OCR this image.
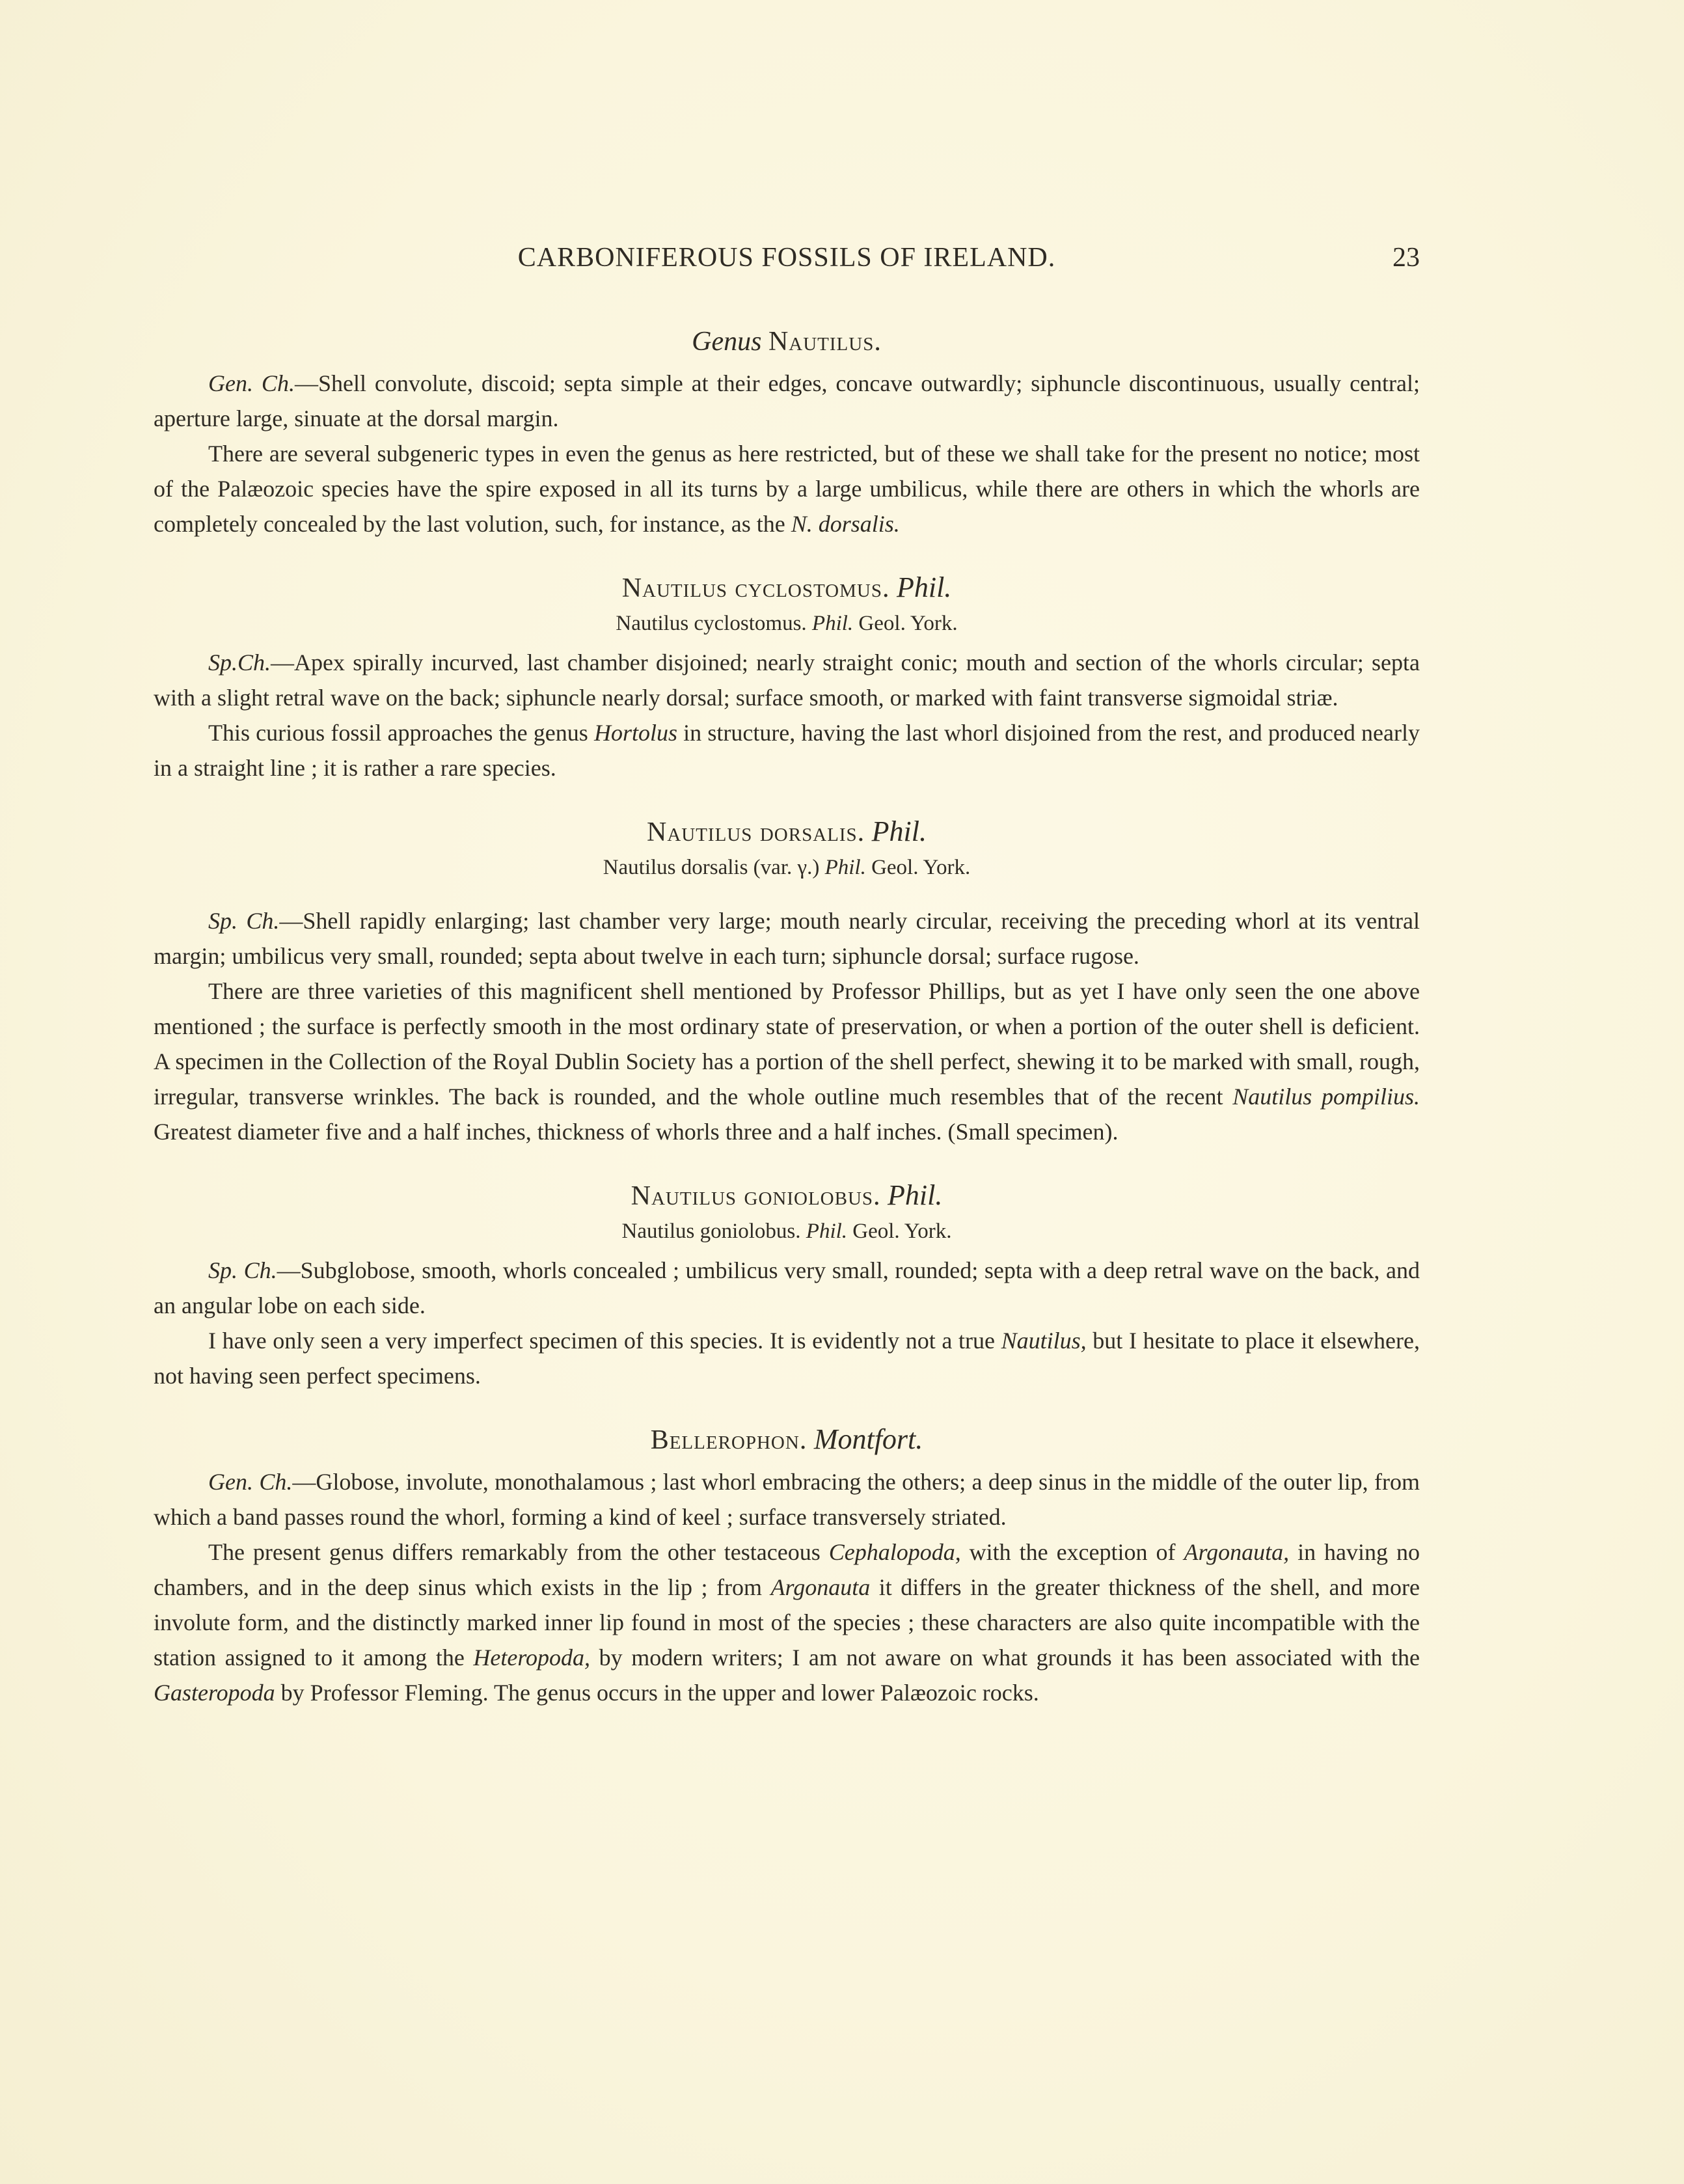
CARBONIFEROUS FOSSILS OF IRELAND.	23
Genus Nautilus.

Gen. Ch.—Shell convolute, discoid; septa simple at their edges, concave outwardly; siphuncle discontinuous, usually central; aperture large, sinuate at the dorsal margin.

There are several subgeneric types in even the genus as here restricted, but of these we shall take for the present no notice; most of the Palæozoic species have the spire exposed in all its turns by a large umbilicus, while there are others in which the whorls are completely concealed by the last volution, such, for instance, as the N. dorsalis.

Nautilus cyclostomus. Phil.

Nautilus cyclostomus. Phil. Geol. York.

Sp.Ch.—Apex spirally incurved, last chamber disjoined; nearly straight conic; mouth and section of the whorls circular; septa with a slight retral wave on the back; siphuncle nearly dorsal; surface smooth, or marked with faint transverse sigmoidal striæ.

This curious fossil approaches the genus Hortolus in structure, having the last whorl disjoined from the rest, and produced nearly in a straight line ; it is rather a rare species.

Nautilus dorsalis. Phil.

Nautilus dorsalis (var. γ.) Phil. Geol. York.

Sp. Ch.—Shell rapidly enlarging; last chamber very large; mouth nearly circular, receiving the preceding whorl at its ventral margin; umbilicus very small, rounded; septa about twelve in each turn; siphuncle dorsal; surface rugose.

There are three varieties of this magnificent shell mentioned by Professor Phillips, but as yet I have only seen the one above mentioned ; the surface is perfectly smooth in the most ordinary state of preservation, or when a portion of the outer shell is deficient. A specimen in the Collection of the Royal Dublin Society has a portion of the shell perfect, shewing it to be marked with small, rough, irregular, transverse wrinkles. The back is rounded, and the whole outline much resembles that of the recent Nautilus pompilius. Greatest diameter five and a half inches, thickness of whorls three and a half inches. (Small specimen).

Nautilus goniolobus. Phil.

Nautilus goniolobus. Phil. Geol. York.

Sp. Ch.—Subglobose, smooth, whorls concealed ; umbilicus very small, rounded; septa with a deep retral wave on the back, and an angular lobe on each side.

I have only seen a very imperfect specimen of this species. It is evidently not a true Nautilus, but I hesitate to place it elsewhere, not having seen perfect specimens.

Bellerophon. Montfort.

Gen. Ch.—Globose, involute, monothalamous ; last whorl embracing the others; a deep sinus in the middle of the outer lip, from which a band passes round the whorl, forming a kind of keel ; surface transversely striated.

The present genus differs remarkably from the other testaceous Cephalopoda, with the exception of Argonauta, in having no chambers, and in the deep sinus which exists in the lip ; from Argonauta it differs in the greater thickness of the shell, and more involute form, and the distinctly marked inner lip found in most of the species ; these characters are also quite incompatible with the station assigned to it among the Heteropoda, by modern writers; I am not aware on what grounds it has been associated with the Gasteropoda by Professor Fleming. The genus occurs in the upper and lower Palæozoic rocks.
